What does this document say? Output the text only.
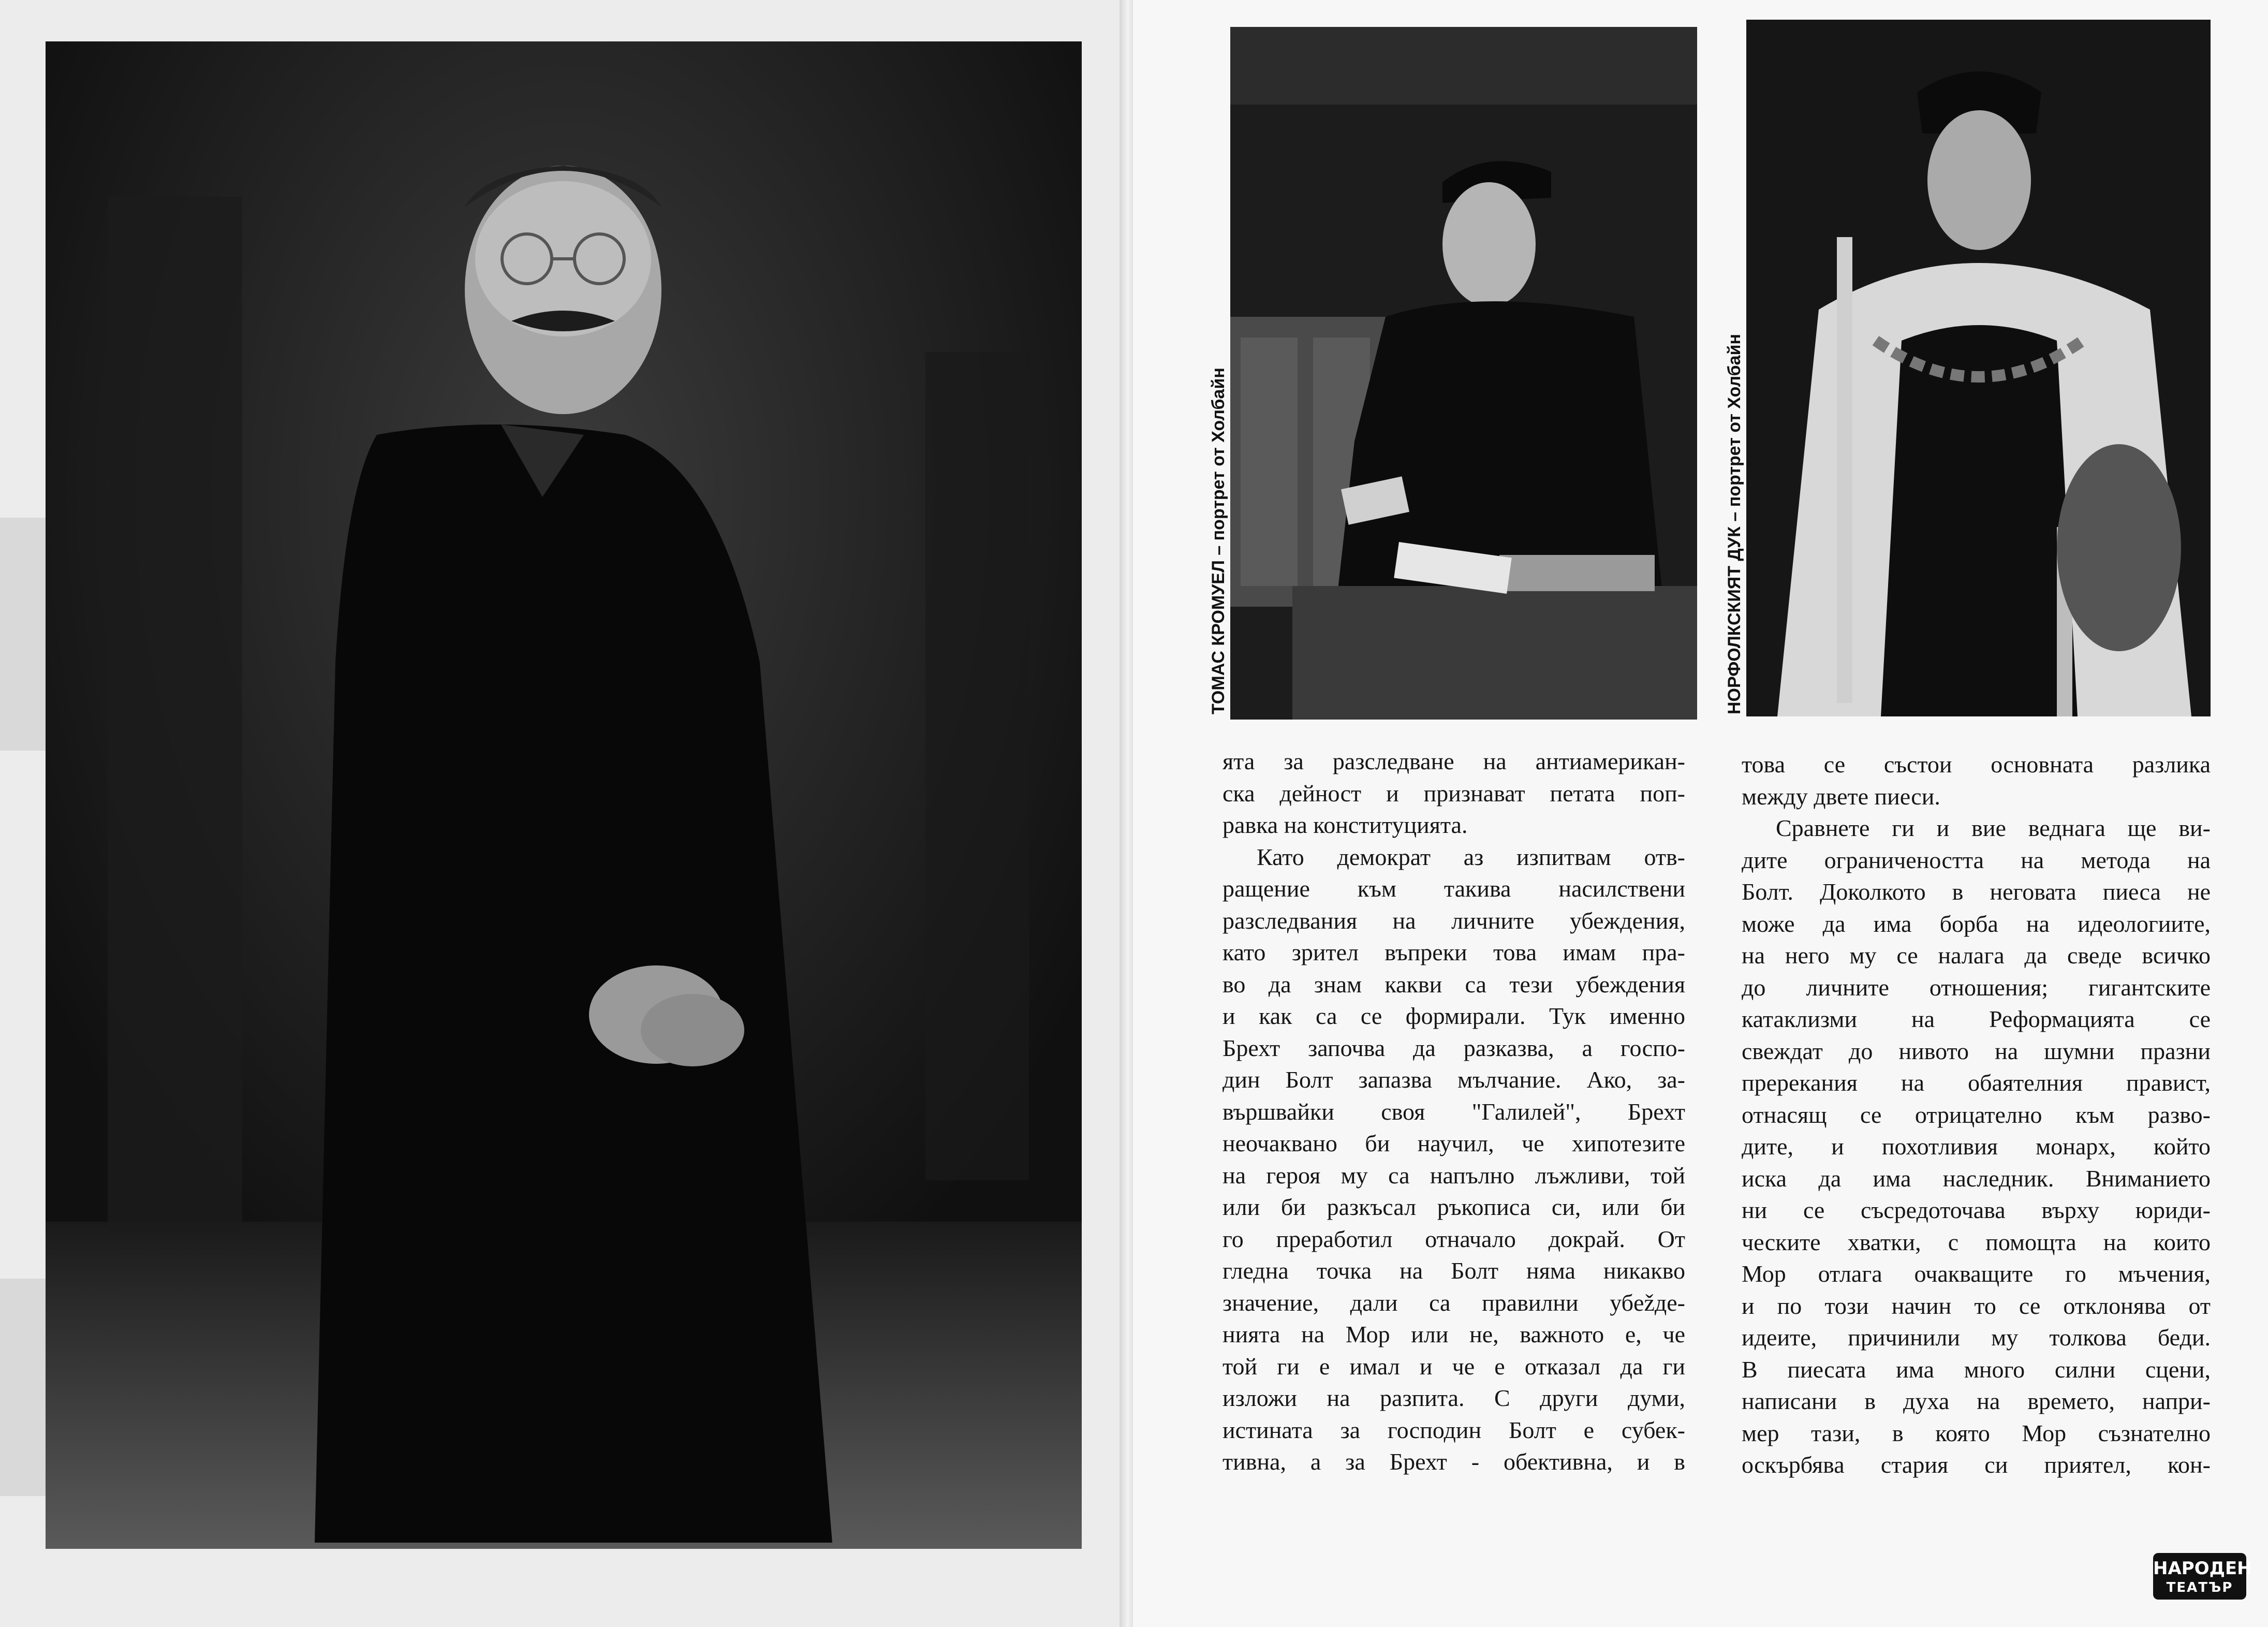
ТОМАС КРОМУЕЛ – портрет от Холбайн	НОРФОЛКСКИЯТ ДУК – портрет от Холбайн
ята за разследване на антиамерикан-
ска дейност и признават петата поп-
равка на конституцията.
Като демократ аз изпитвам отв-
ращение към такива насилствени
разследвания на личните убеждения,
като зрител въпреки това имам пра-
во да знам какви са тези убеждения
и как са се формирали. Тук именно
Брехт започва да разказва, а госпо-
дин Болт запазва мълчание. Ако, за-
вършвайки своя "Галилей", Брехт
неочаквано би научил, че хипотезите
на героя му са напълно лъжливи, той
или би разкъсал ръкописа си, или би
го преработил отначало докрай. От
гледна точка на Болт няма никакво
значение, дали са правилни убežде-
нията на Мор или не, важното е, че
той ги е имал и че е отказал да ги
изложи на разпита. С други думи,
истината за господин Болт е субек-
тивна, а за Брехт - обективна, и в
това се състои основната разлика
между двете пиеси.
Сравнете ги и вие веднага ще ви-
дите ограничеността на метода на
Болт. Доколкото в неговата пиеса не
може да има борба на идеологиите,
на него му се налага да сведе всичко
до личните отношения; гигантските
катаклизми на Реформацията се
свеждат до нивото на шумни празни
пререкания на обаятелния правист,
отнасящ се отрицателно към разво-
дите, и похотливия монарх, който
иска да има наследник. Вниманието
ни се съсредоточава върху юриди-
ческите хватки, с помощта на които
Мор отлага очакващите го мъчения,
и по този начин то се отклонява от
идеите, причинили му толкова беди.
В пиесата има много силни сцени,
написани в духа на времето, напри-
мер тази, в която Мор съзнателно
оскърбява стария си приятел, кон-
НАРОДЕН
ТЕАТЪР
